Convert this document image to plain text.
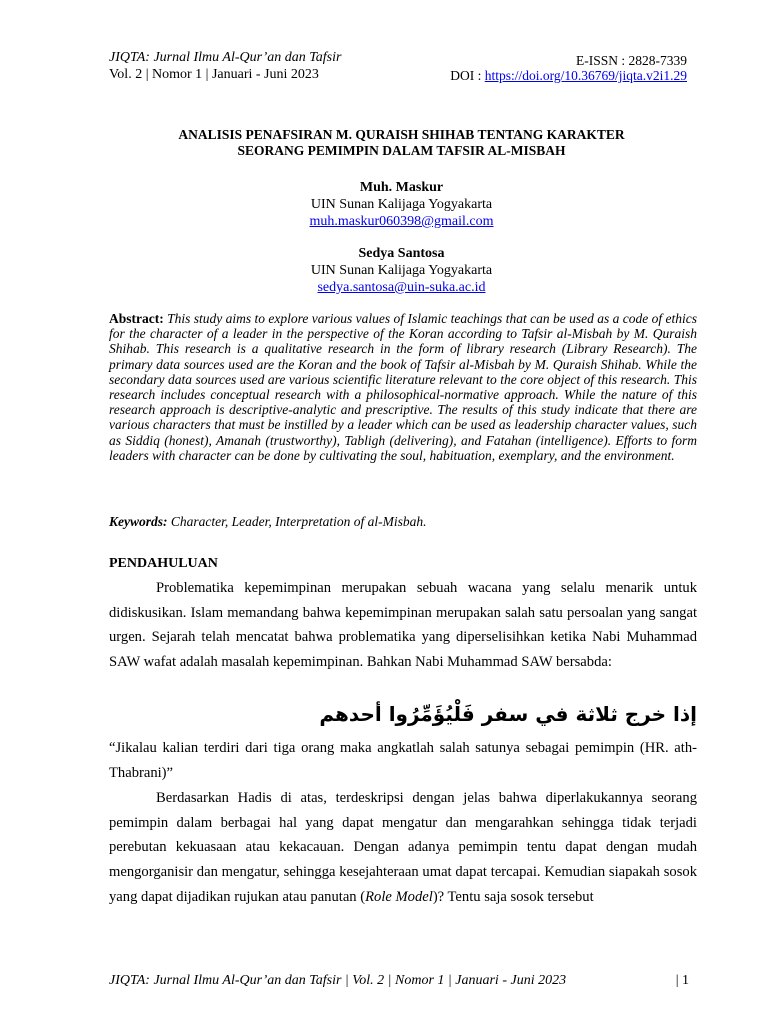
JIQTA: Jurnal Ilmu Al-Qur’an dan Tafsir
Vol. 2 | Nomor 1 | Januari - Juni 2023
E-ISSN : 2828-7339
DOI : https://doi.org/10.36769/jiqta.v2i1.29
ANALISIS PENAFSIRAN M. QURAISH SHIHAB TENTANG KARAKTER
SEORANG PEMIMPIN DALAM TAFSIR AL-MISBAH
Muh. Maskur
UIN Sunan Kalijaga Yogyakarta
muh.maskur060398@gmail.com
Sedya Santosa
UIN Sunan Kalijaga Yogyakarta
sedya.santosa@uin-suka.ac.id
Abstract: This study aims to explore various values of Islamic teachings that can be used as a code of ethics for the character of a leader in the perspective of the Koran according to Tafsir al-Misbah by M. Quraish Shihab. This research is a qualitative research in the form of library research (Library Research). The primary data sources used are the Koran and the book of Tafsir al-Misbah by M. Quraish Shihab. While the secondary data sources used are various scientific literature relevant to the core object of this research. This research includes conceptual research with a philosophical-normative approach. While the nature of this research approach is descriptive-analytic and prescriptive. The results of this study indicate that there are various characters that must be instilled by a leader which can be used as leadership character values, such as Siddiq (honest), Amanah (trustworthy), Tabligh (delivering), and Fatahan (intelligence). Efforts to form leaders with character can be done by cultivating the soul, habituation, exemplary, and the environment.
Keywords: Character, Leader, Interpretation of al-Misbah.
PENDAHULUAN
Problematika kepemimpinan merupakan sebuah wacana yang selalu menarik untuk didiskusikan. Islam memandang bahwa kepemimpinan merupakan salah satu persoalan yang sangat urgen. Sejarah telah mencatat bahwa problematika yang diperselisihkan ketika Nabi Muhammad SAW wafat adalah masalah kepemimpinan. Bahkan Nabi Muhammad SAW bersabda:
إذا خرج ثلاثة في سفر فَلْيُؤَمِّرُوا أحدهم
“Jikalau kalian terdiri dari tiga orang maka angkatlah salah satunya sebagai pemimpin (HR. ath-Thabrani)”
Berdasarkan Hadis di atas, terdeskripsi dengan jelas bahwa diperlakukannya seorang pemimpin dalam berbagai hal yang dapat mengatur dan mengarahkan sehingga tidak terjadi perebutan kekuasaan atau kekacauan. Dengan adanya pemimpin tentu dapat dengan mudah mengorganisir dan mengatur, sehingga kesejahteraan umat dapat tercapai. Kemudian siapakah sosok yang dapat dijadikan rujukan atau panutan (Role Model)? Tentu saja sosok tersebut
JIQTA: Jurnal Ilmu Al-Qur’an dan Tafsir | Vol. 2 | Nomor 1 | Januari - Juni 2023	| 1
